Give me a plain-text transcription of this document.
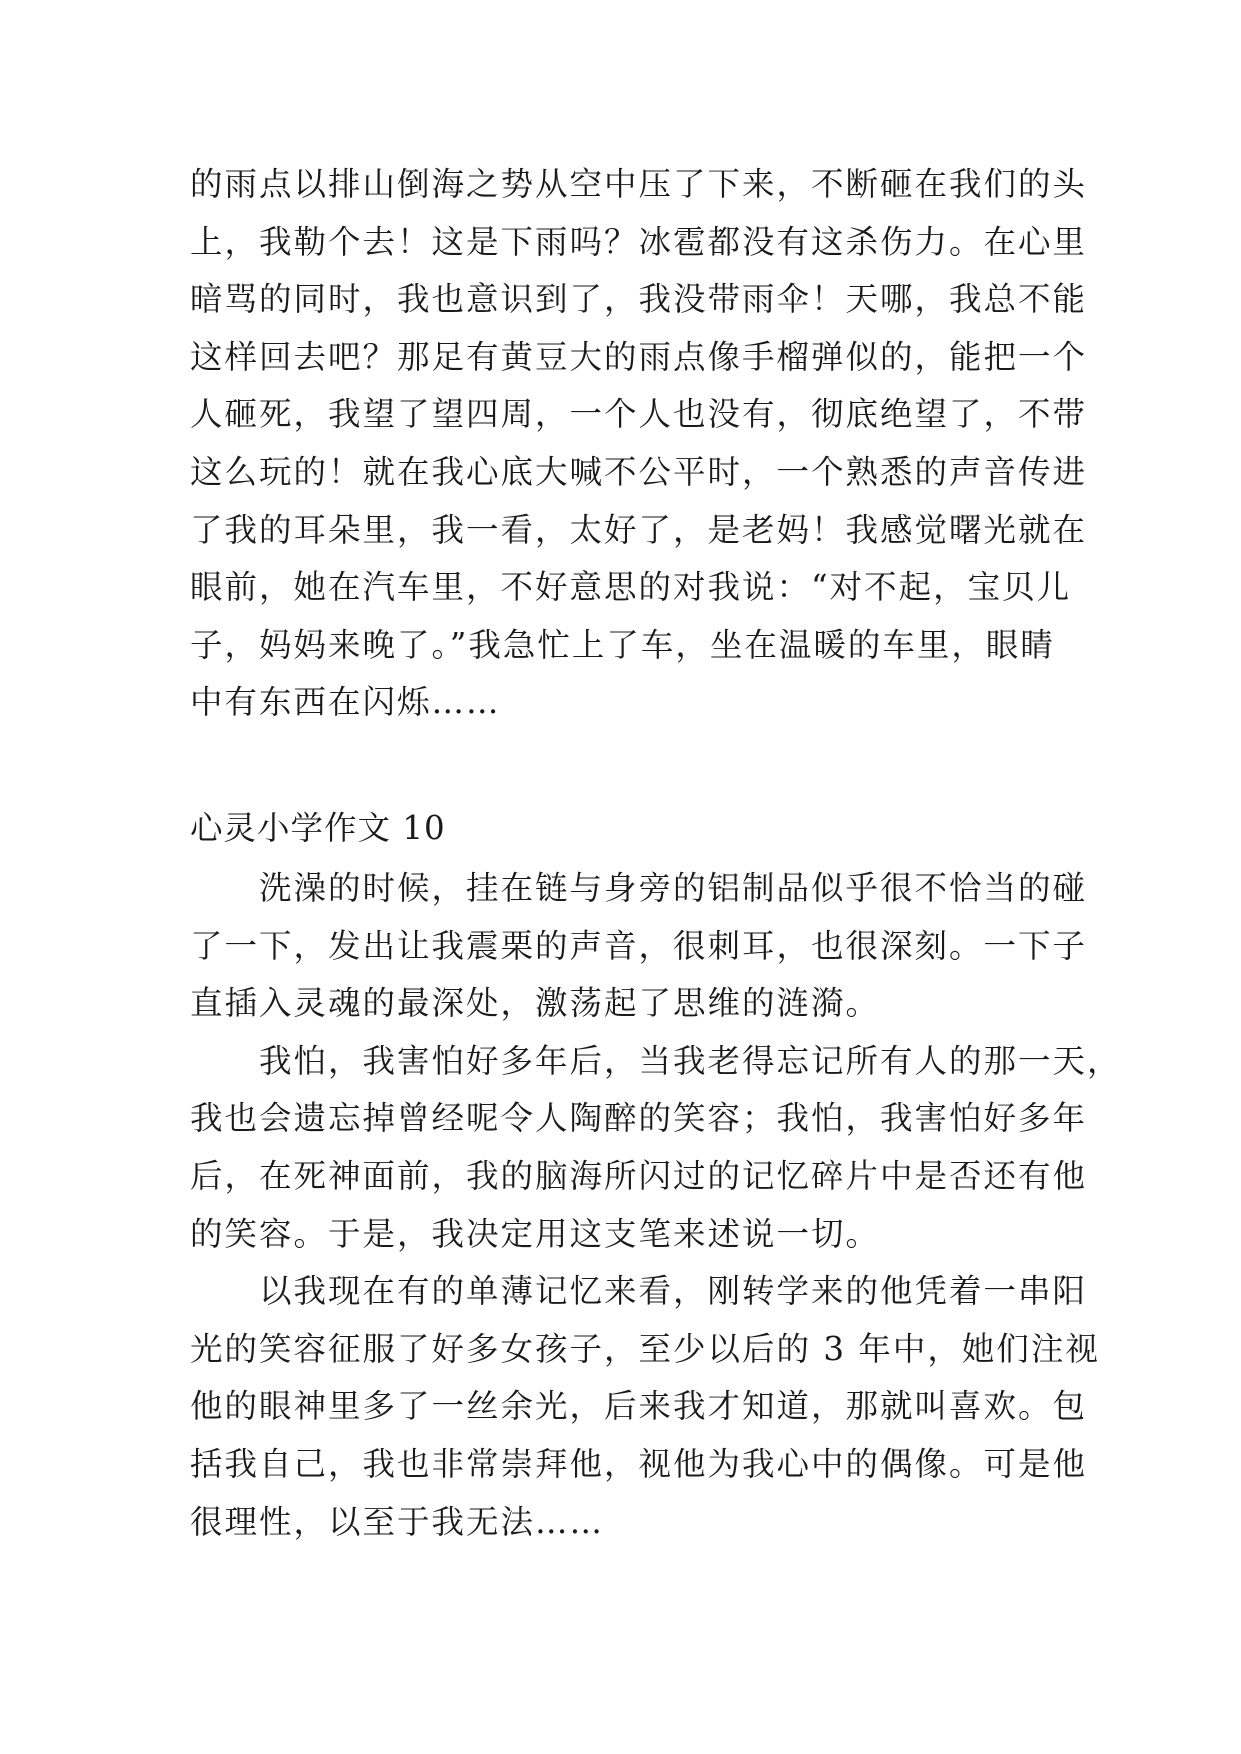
的雨点以排山倒海之势从空中压了下来，不断砸在我们的头
上，我勒个去！这是下雨吗？冰雹都没有这杀伤力。在心里
暗骂的同时，我也意识到了，我没带雨伞！天哪，我总不能
这样回去吧？那足有黄豆大的雨点像手榴弹似的，能把一个
人砸死，我望了望四周，一个人也没有，彻底绝望了，不带
这么玩的！就在我心底大喊不公平时，一个熟悉的声音传进
了我的耳朵里，我一看，太好了，是老妈！我感觉曙光就在
眼前，她在汽车里，不好意思的对我说：“对不起，宝贝儿
子，妈妈来晚了。”我急忙上了车，坐在温暖的车里，眼睛
中有东西在闪烁……
心灵小学作文 10
　　洗澡的时候，挂在链与身旁的铝制品似乎很不恰当的碰
了一下，发出让我震栗的声音，很刺耳，也很深刻。一下子
直插入灵魂的最深处，激荡起了思维的涟漪。
　　我怕，我害怕好多年后，当我老得忘记所有人的那一天，
我也会遗忘掉曾经呢令人陶醉的笑容；我怕，我害怕好多年
后，在死神面前，我的脑海所闪过的记忆碎片中是否还有他
的笑容。于是，我决定用这支笔来述说一切。
　　以我现在有的单薄记忆来看，刚转学来的他凭着一串阳
光的笑容征服了好多女孩子，至少以后的 3 年中，她们注视
他的眼神里多了一丝余光，后来我才知道，那就叫喜欢。包
括我自己，我也非常崇拜他，视他为我心中的偶像。可是他
很理性，以至于我无法……
